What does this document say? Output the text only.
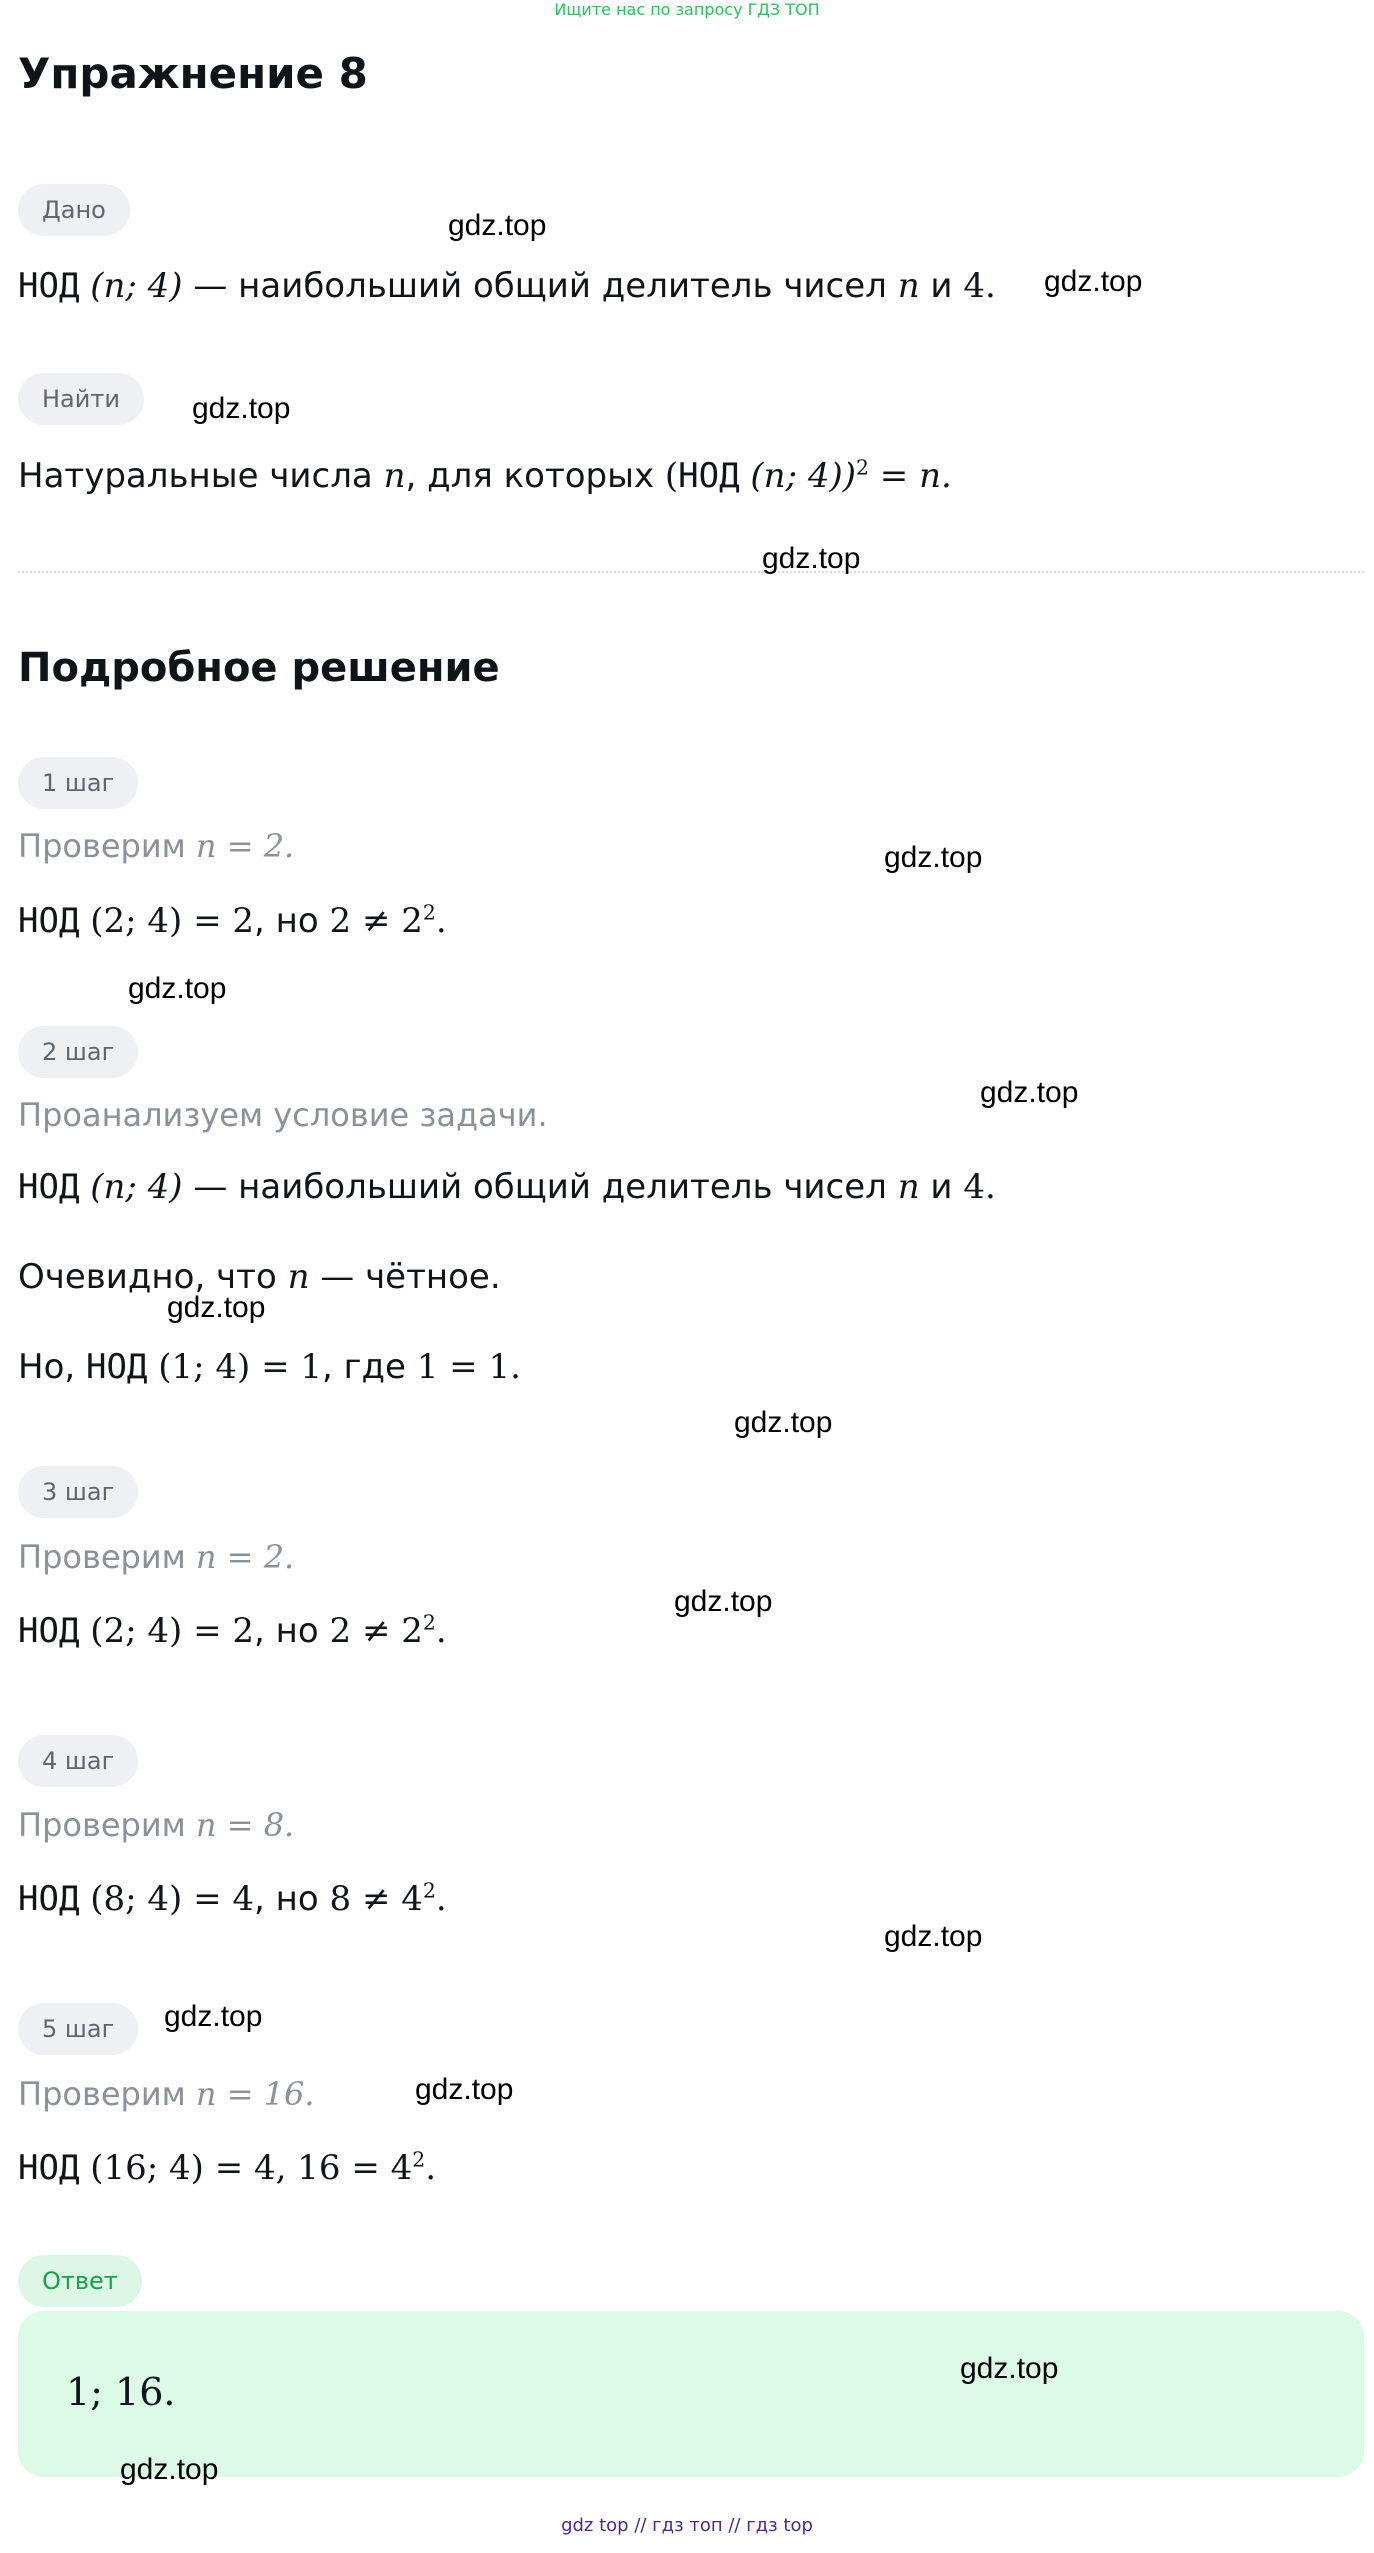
Ищите нас по запросу ГДЗ ТОП
Упражнение 8
Дано
НОД (n; 4) — наибольший общий делитель чисел n и 4.
Найти
Натуральные числа n, для которых (НОД (n; 4))$^2$ = n.
Подробное решение
1 шаг
Проверим n = 2.
НОД (2; 4) = 2, но $2 \ne 2^2$.
2 шаг
Проанализуем условие задачи.
НОД (n; 4) — наибольший общий делитель чисел n и 4.
Очевидно, что n — чётное.
Но, НОД (1; 4) = 1, где 1 = 1.
3 шаг
Проверим n = 2.
НОД (2; 4) = 2, но $2 \ne 2^2$.
4 шаг
Проверим n = 8.
НОД (8; 4) = 4, но $8 \ne 4^2$.
5 шаг
Проверим n = 16.
НОД (16; 4) = 4, $16 = 4^2$.
Ответ
1; 16.
gdz.top
gdz.top
gdz.top
gdz.top
gdz.top
gdz.top
gdz.top
gdz.top
gdz.top
gdz.top
gdz.top
gdz.top
gdz.top
gdz.top
gdz.top
gdz top // гдз топ // гдз top
